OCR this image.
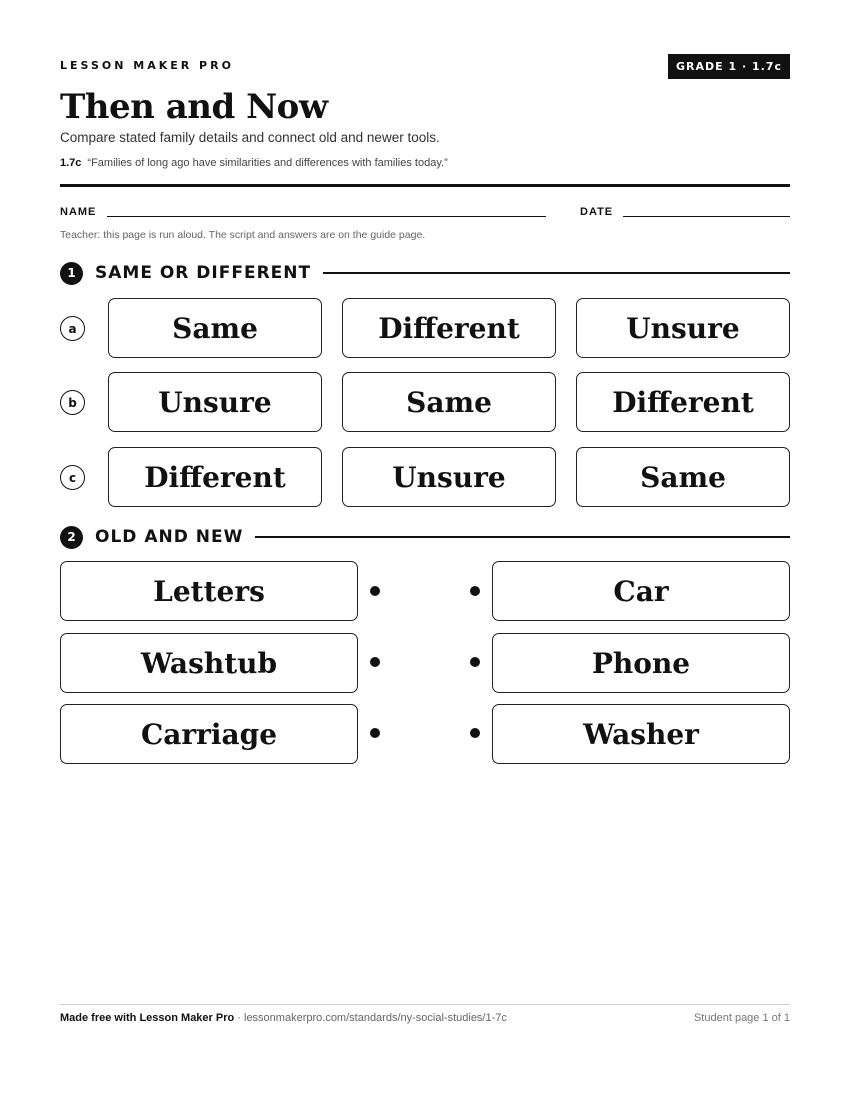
LESSON MAKER PRO	GRADE 1 · 1.7c
Then and Now
Compare stated family details and connect old and newer tools.
1.7c “Families of long ago have similarities and differences with families today.”
NAME	DATE
Teacher: this page is run aloud. The script and answers are on the guide page.
1	SAME OR DIFFERENT
a	Same	Different	Unsure
b	Unsure	Same	Different
c	Different	Unsure	Same
2	OLD AND NEW
Letters	Car
Washtub	Phone
Carriage	Washer
Made free with Lesson Maker Pro · lessonmakerpro.com/standards/ny-social-studies/1-7c	Student page 1 of 1
